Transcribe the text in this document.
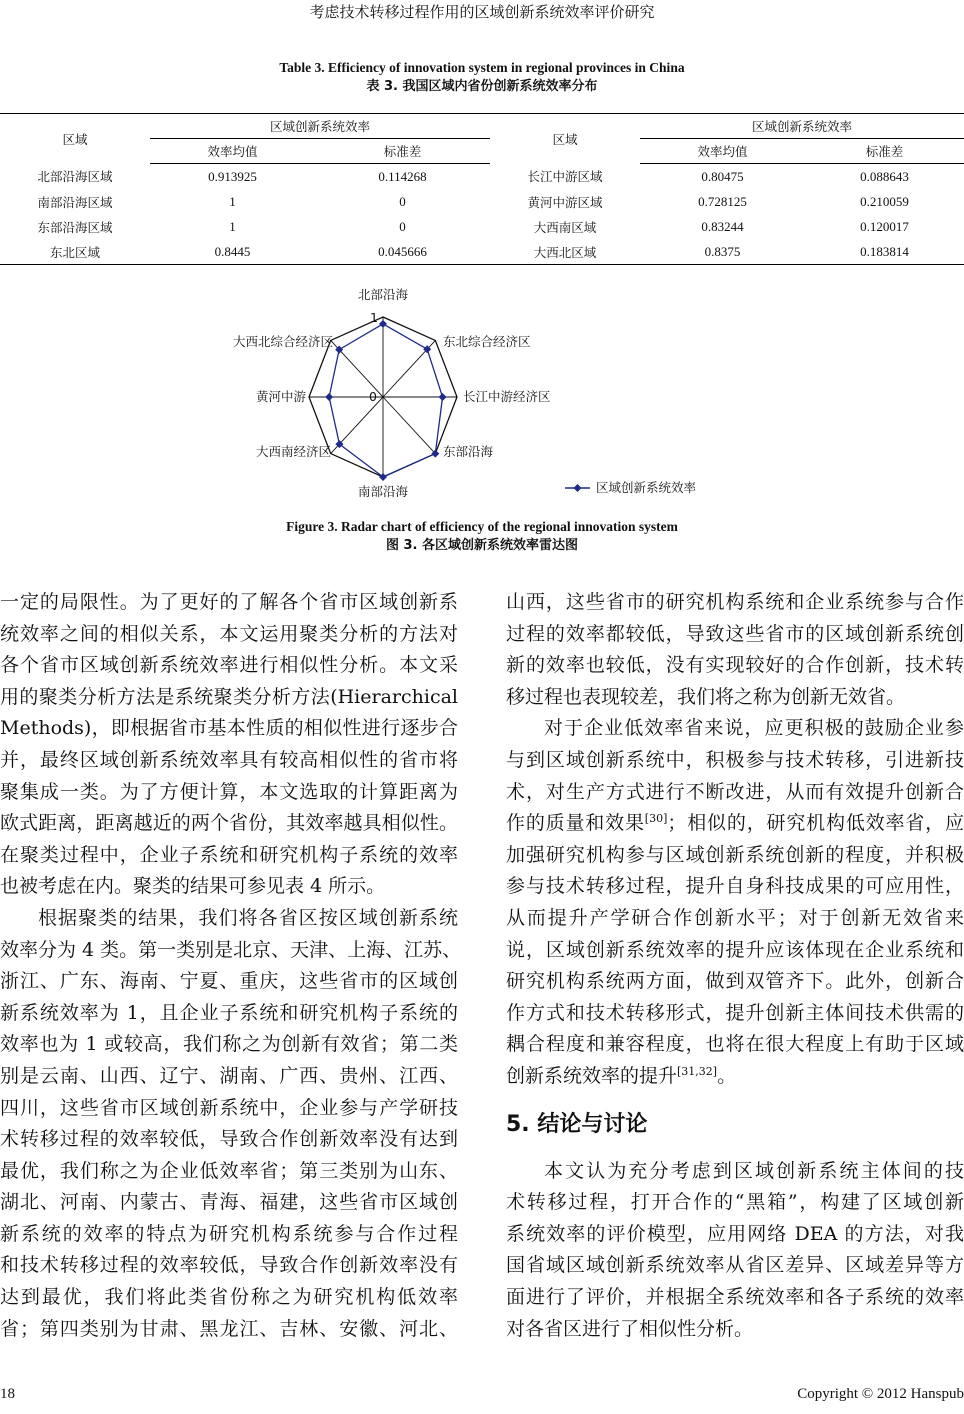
考虑技术转移过程作用的区域创新系统效率评价研究
Table 3. Efficiency of innovation system in regional provinces in China
表 3. 我国区域内省份创新系统效率分布
区域	区域创新系统效率		区域	区域创新系统效率	
	效率均值	标准差		效率均值	标准差
北部沿海区域	0.913925	0.114268	长江中游区域	0.80475	0.088643
南部沿海区域	1	0	黄河中游区域	0.728125	0.210059
东部沿海区域	1	0	大西南区域	0.83244	0.120017
东北区域	0.8445	0.045666	大西北区域	0.8375	0.183814
北部沿海
东北综合经济区
长江中游经济区
东部沿海
南部沿海
大西南经济区
黄河中游
大西北综合经济区
1
0
区域创新系统效率
Figure 3. Radar chart of efficiency of the regional innovation system
图 3. 各区域创新系统效率雷达图
一定的局限性。为了更好的了解各个省市区域创新系
统效率之间的相似关系，本文运用聚类分析的方法对
各个省市区域创新系统效率进行相似性分析。本文采
用的聚类分析方法是系统聚类分析方法(Hierarchical
Methods)，即根据省市基本性质的相似性进行逐步合
并，最终区域创新系统效率具有较高相似性的省市将
聚集成一类。为了方便计算，本文选取的计算距离为
欧式距离，距离越近的两个省份，其效率越具相似性。
在聚类过程中，企业子系统和研究机构子系统的效率
也被考虑在内。聚类的结果可参见表 4 所示。
根据聚类的结果，我们将各省区按区域创新系统
效率分为 4 类。第一类别是北京、天津、上海、江苏、
浙江、广东、海南、宁夏、重庆，这些省市的区域创
新系统效率为 1，且企业子系统和研究机构子系统的
效率也为 1 或较高，我们称之为创新有效省；第二类
别是云南、山西、辽宁、湖南、广西、贵州、江西、
四川，这些省市区域创新系统中，企业参与产学研技
术转移过程的效率较低，导致合作创新效率没有达到
最优，我们称之为企业低效率省；第三类别为山东、
湖北、河南、内蒙古、青海、福建，这些省市区域创
新系统的效率的特点为研究机构系统参与合作过程
和技术转移过程的效率较低，导致合作创新效率没有
达到最优，我们将此类省份称之为研究机构低效率
省；第四类别为甘肃、黑龙江、吉林、安徽、河北、
山西，这些省市的研究机构系统和企业系统参与合作
过程的效率都较低，导致这些省市的区域创新系统创
新的效率也较低，没有实现较好的合作创新，技术转
移过程也表现较差，我们将之称为创新无效省。
对于企业低效率省来说，应更积极的鼓励企业参
与到区域创新系统中，积极参与技术转移，引进新技
术，对生产方式进行不断改进，从而有效提升创新合
作的质量和效果[30]；相似的，研究机构低效率省，应
加强研究机构参与区域创新系统创新的程度，并积极
参与技术转移过程，提升自身科技成果的可应用性，
从而提升产学研合作创新水平；对于创新无效省来
说，区域创新系统效率的提升应该体现在企业系统和
研究机构系统两方面，做到双管齐下。此外，创新合
作方式和技术转移形式，提升创新主体间技术供需的
耦合程度和兼容程度，也将在很大程度上有助于区域
创新系统效率的提升[31,32]。
5. 结论与讨论
本文认为充分考虑到区域创新系统主体间的技
术转移过程，打开合作的“黑箱”，构建了区域创新
系统效率的评价模型，应用网络 DEA 的方法，对我
国省域区域创新系统效率从省区差异、区域差异等方
面进行了评价，并根据全系统效率和各子系统的效率
对各省区进行了相似性分析。
18	Copyright © 2012 Hanspub
